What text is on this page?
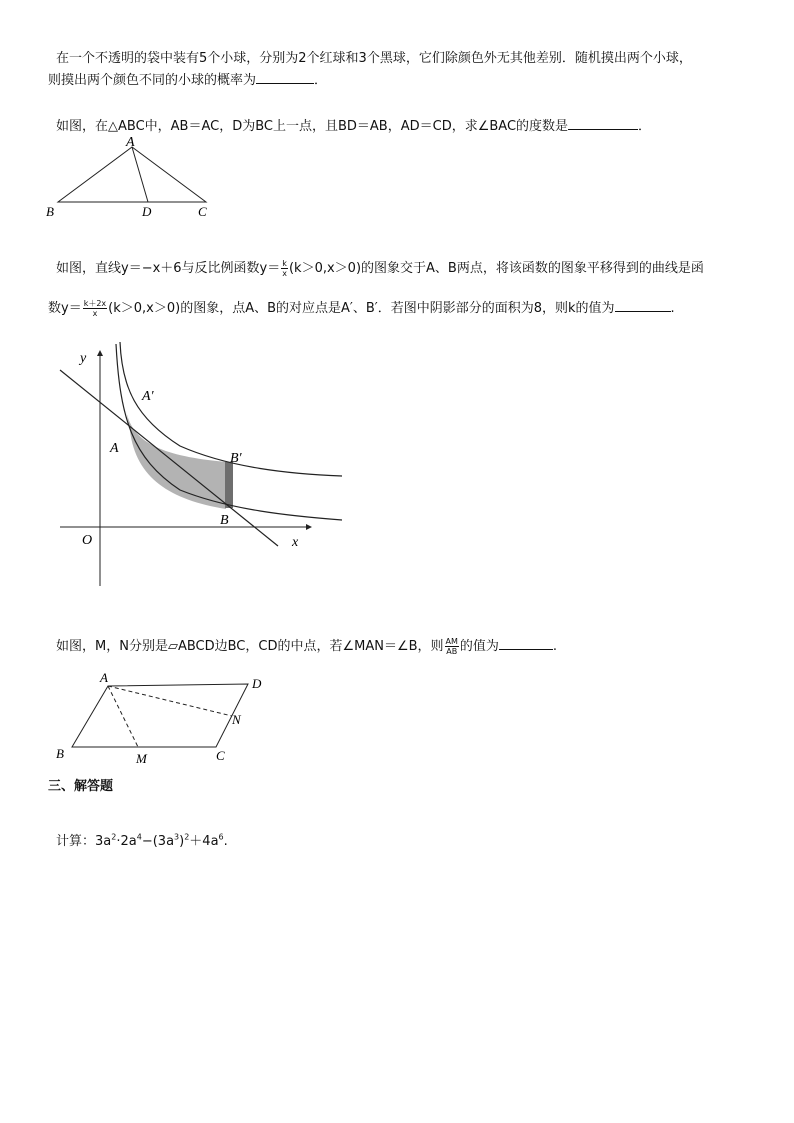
在一个不透明的袋中装有5个小球，分别为2个红球和3个黑球，它们除颜色外无其他差别．随机摸出两个小球，
则摸出两个颜色不同的小球的概率为	．
如图，在△ABC中，AB＝AC，D为BC上一点，且BD＝AB，AD＝CD，求∠BAC的度数是	．
A
B	D	C
如图，直线y＝−x＋6与反比例函数$y= \frac{k}{x} (k>0,x>0)$的图象交于A、B两点，将该函数的图象平移得到的曲线是函
数$y= \frac{k+2x}{x} (k>0,x>0)$的图象，点A、B的对应点是A′、B′．若图中阴影部分的面积为8，则k的值为	.
y
x
O
A
A′
B
B′
如图，M，N分别是▱ABCD边BC，CD的中点，若∠MAN＝∠B，则 $\frac{AM}{AB}$ 的值为	.
A	D
N
B	M	C
三、解答题
计算：$3a^2\cdot 2a^4-(3a^3)^2+4a^6$.
